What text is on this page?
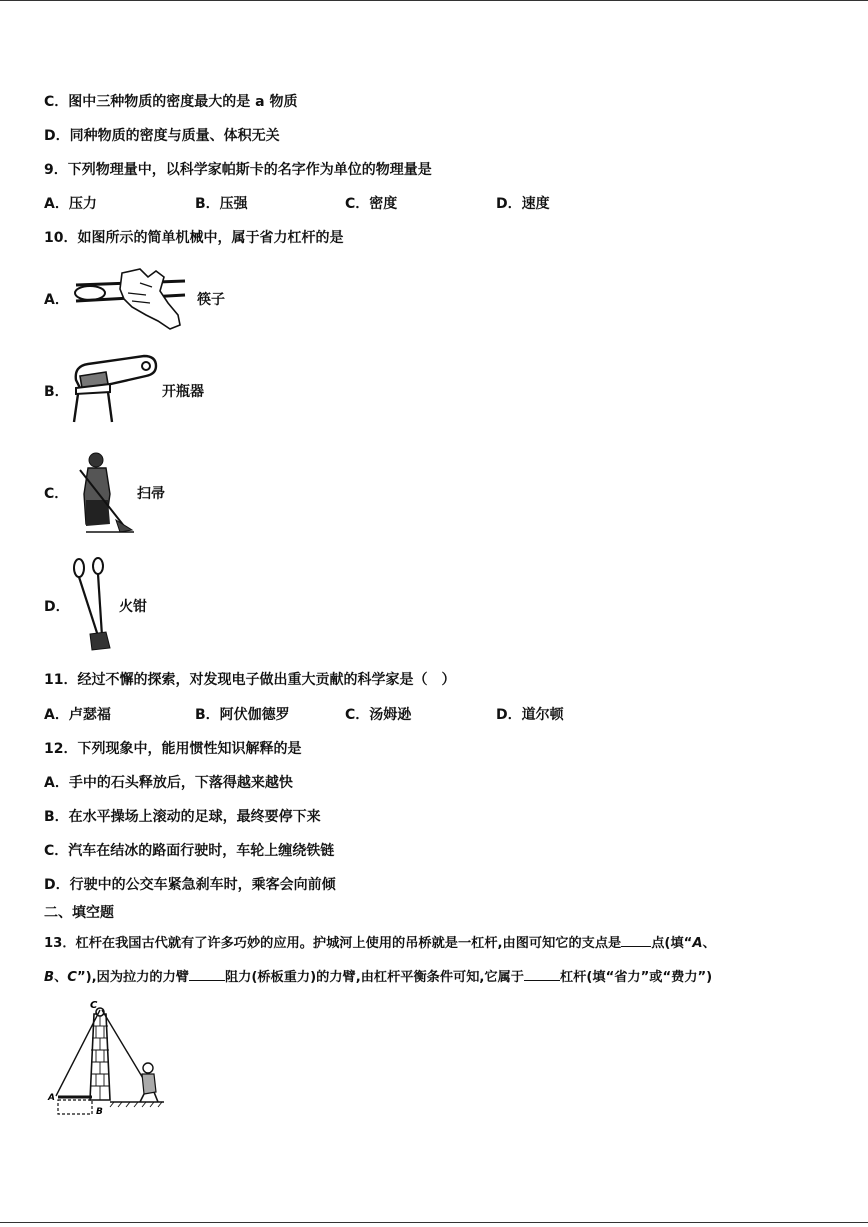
C．图中三种物质的密度最大的是 a 物质
D．同种物质的密度与质量、体积无关
9．下列物理量中，以科学家帕斯卡的名字作为单位的物理量是
A．压力	B．压强	C．密度	D．速度
10．如图所示的简单机械中，属于省力杠杆的是
A．	筷子
B．	开瓶器
C．	扫帚
D．	火钳
11．经过不懈的探索，对发现电子做出重大贡献的科学家是（　）
A．卢瑟福	B．阿伏伽德罗	C．汤姆逊	D．道尔顿
12．下列现象中，能用惯性知识解释的是
A．手中的石头释放后，下落得越来越快
B．在水平操场上滚动的足球，最终要停下来
C．汽车在结冰的路面行驶时，车轮上缠绕铁链
D．行驶中的公交车紧急刹车时，乘客会向前倾
二、填空题
13．杠杆在我国古代就有了许多巧妙的应用。护城河上使用的吊桥就是一杠杆,由图可知它的支点是 点(填“A、
B、C”),因为拉力的力臂	阻力(桥板重力)的力臂,由杠杆平衡条件可知,它属于	杠杆(填“省力”或“费力”)
C
A
B
